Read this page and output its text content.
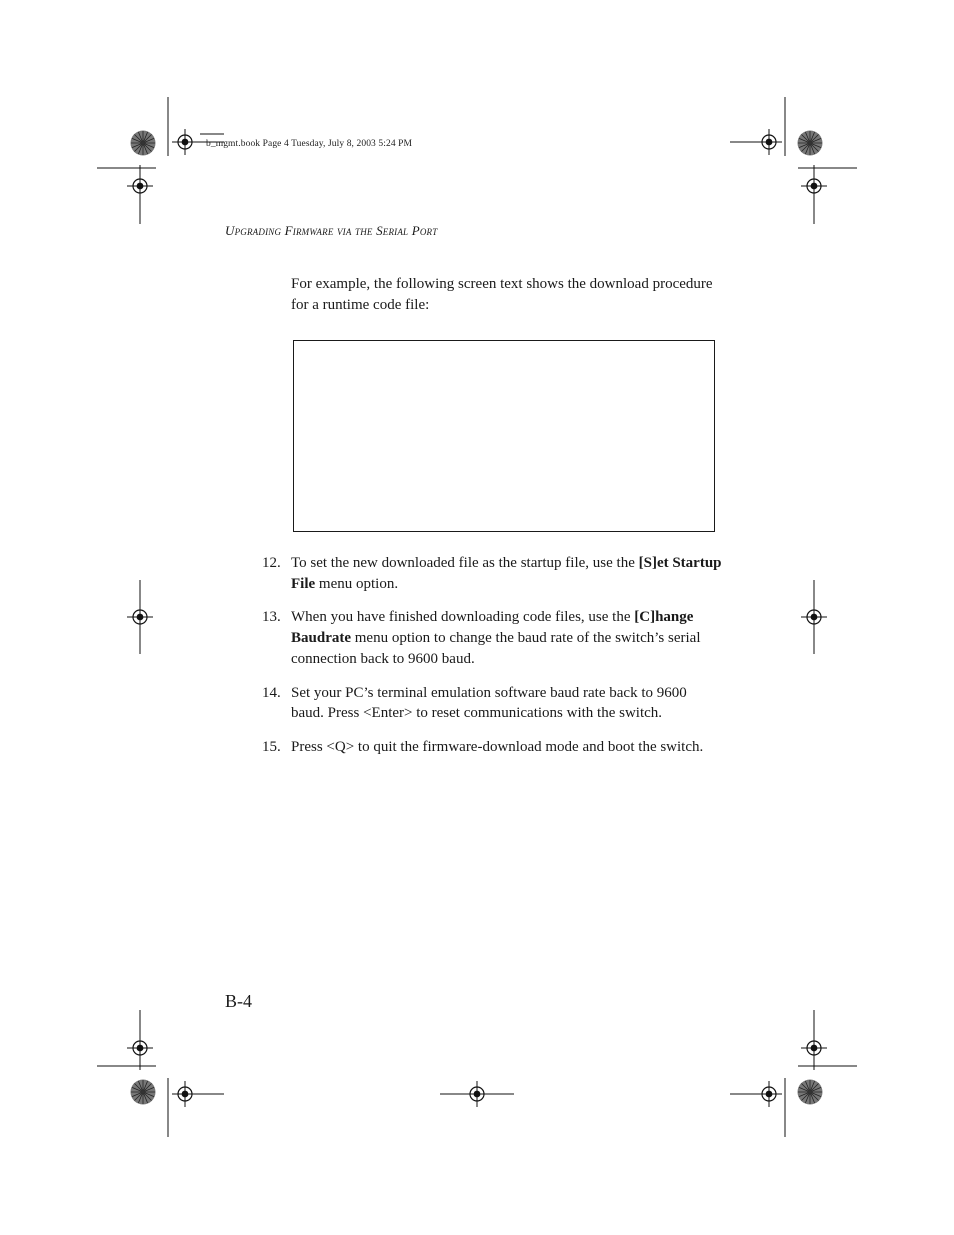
b_mgmt.book Page 4 Tuesday, July 8, 2003 5:24 PM
Upgrading Firmware via the Serial Port

For example, the following screen text shows the download procedure for a runtime code file:

12. To set the new downloaded file as the startup file, use the [S]et Startup File menu option.
13. When you have finished downloading code files, use the [C]hange Baudrate menu option to change the baud rate of the switch’s serial connection back to 9600 baud.
14. Set your PC’s terminal emulation software baud rate back to 9600 baud. Press <Enter> to reset communications with the switch.
15. Press <Q> to quit the firmware-download mode and boot the switch.
B-4
